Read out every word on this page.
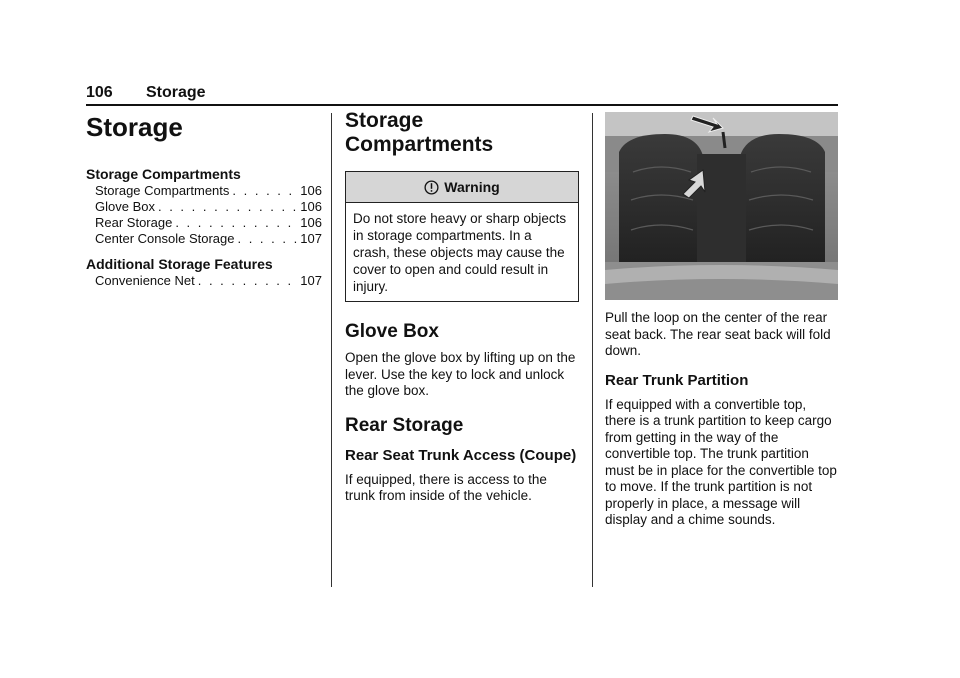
106 Storage
Storage

Storage Compartments

Storage Compartments . . .	106
Glove Box . . .	106
Rear Storage . . .	106
Center Console Storage . . .	107

Additional Storage Features

Convenience Net . . .	107
Storage
Compartments
Warning
Do not store heavy or sharp objects in storage compartments. In a crash, these objects may cause the cover to open and could result in injury.
Glove Box

Open the glove box by lifting up on the lever. Use the key to lock and unlock the glove box.

Rear Storage
Rear Seat Trunk Access (Coupe)

If equipped, there is access to the trunk from inside of the vehicle.

Pull the loop on the center of the rear seat back. The rear seat back will fold down.

Rear Trunk Partition

If equipped with a convertible top, there is a trunk partition to keep cargo from getting in the way of the convertible top. The trunk partition must be in place for the convertible top to move. If the trunk partition is not properly in place, a message will display and a chime sounds.
